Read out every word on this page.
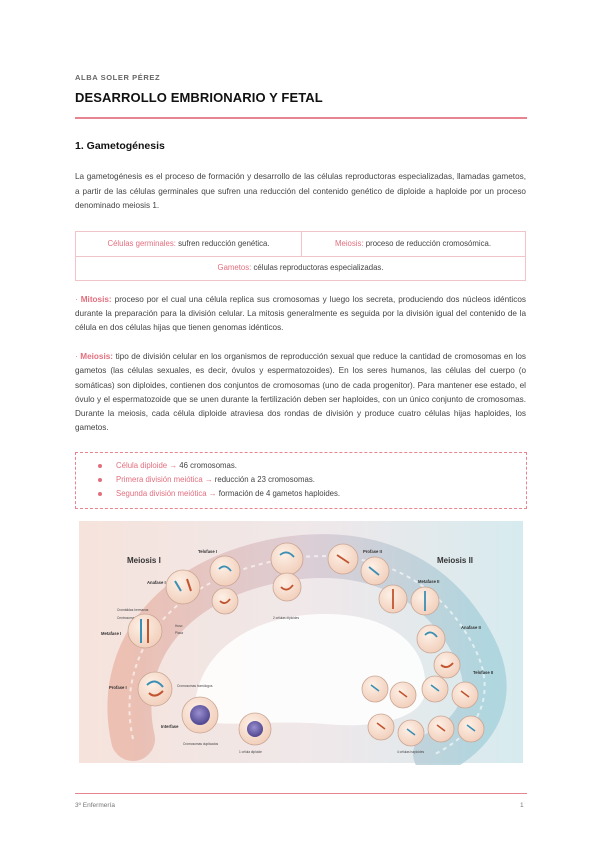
ALBA SOLER PÉREZ
DESARROLLO EMBRIONARIO Y FETAL
1. Gametogénesis
La gametogénesis es el proceso de formación y desarrollo de las células reproductoras especializadas, llamadas gametos, a partir de las células germinales que sufren una reducción del contenido genético de diploide a haploide por un proceso denominado meiosis 1.
Células germinales: sufren reducción genética.	Meiosis: proceso de reducción cromosómica.
Gametos: células reproductoras especializadas.
· Mitosis: proceso por el cual una célula replica sus cromosomas y luego los secreta, produciendo dos núcleos idénticos durante la preparación para la división celular. La mitosis generalmente es seguida por la división igual del contenido de la célula en dos células hijas que tienen genomas idénticos.
· Meiosis: tipo de división celular en los organismos de reproducción sexual que reduce la cantidad de cromosomas en los gametos (las células sexuales, es decir, óvulos y espermatozoides). En los seres humanos, las células del cuerpo (o somáticas) son diploides, contienen dos conjuntos de cromosomas (uno de cada progenitor). Para mantener ese estado, el óvulo y el espermatozoide que se unen durante la fertilización deben ser haploides, con un único conjunto de cromosomas. Durante la meiosis, cada célula diploide atraviesa dos rondas de división y produce cuatro células hijas haploides, los gametos.
Célula diploide → 46 cromosomas.
Primera división meiótica → reducción a 23 cromosomas.
Segunda división meiótica → formación de 4 gametos haploides.
Meiosis I	Meiosis II
Telofase I
Anafase I
Metafase I
Profase I
Interfase
Profase II
Metafase II
Anafase II
Telofase II
Cromátidas hermanas
Huso
Placa
Centrosoma
Cromosomas homólogos
2 células diploides
Cromosomas duplicados
1 célula diploide	4 células haploides
3º Enfermería	1
